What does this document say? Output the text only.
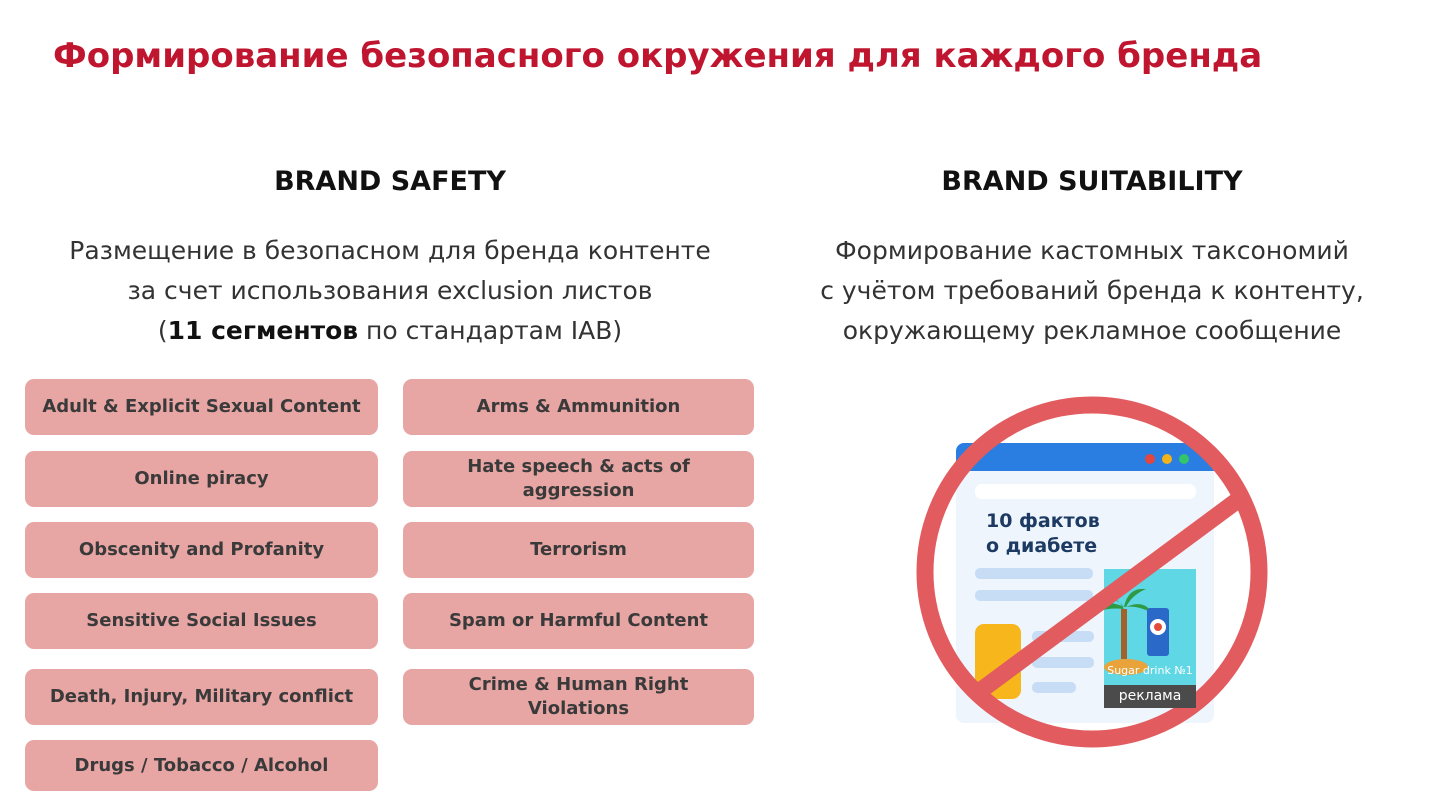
Формирование безопасного окружения для каждого бренда
BRAND SAFETY

Размещение в безопасном для бренда контенте
за счет использования exclusion листов
(11 сегментов по стандартам IAB)

Adult & Explicit Sexual Content
Online piracy
Obscenity and Profanity
Sensitive Social Issues
Death, Injury, Military conflict
Drugs / Tobacco / Alcohol
Arms & Ammunition
Hate speech & acts of aggression
Terrorism
Spam or Harmful Content
Crime & Human Right Violations
BRAND SUITABILITY

Формирование кастомных таксономий
с учётом требований бренда к контенту,
окружающему рекламное сообщение

10 фактов
о диабете

Sugar drink №1
реклама
